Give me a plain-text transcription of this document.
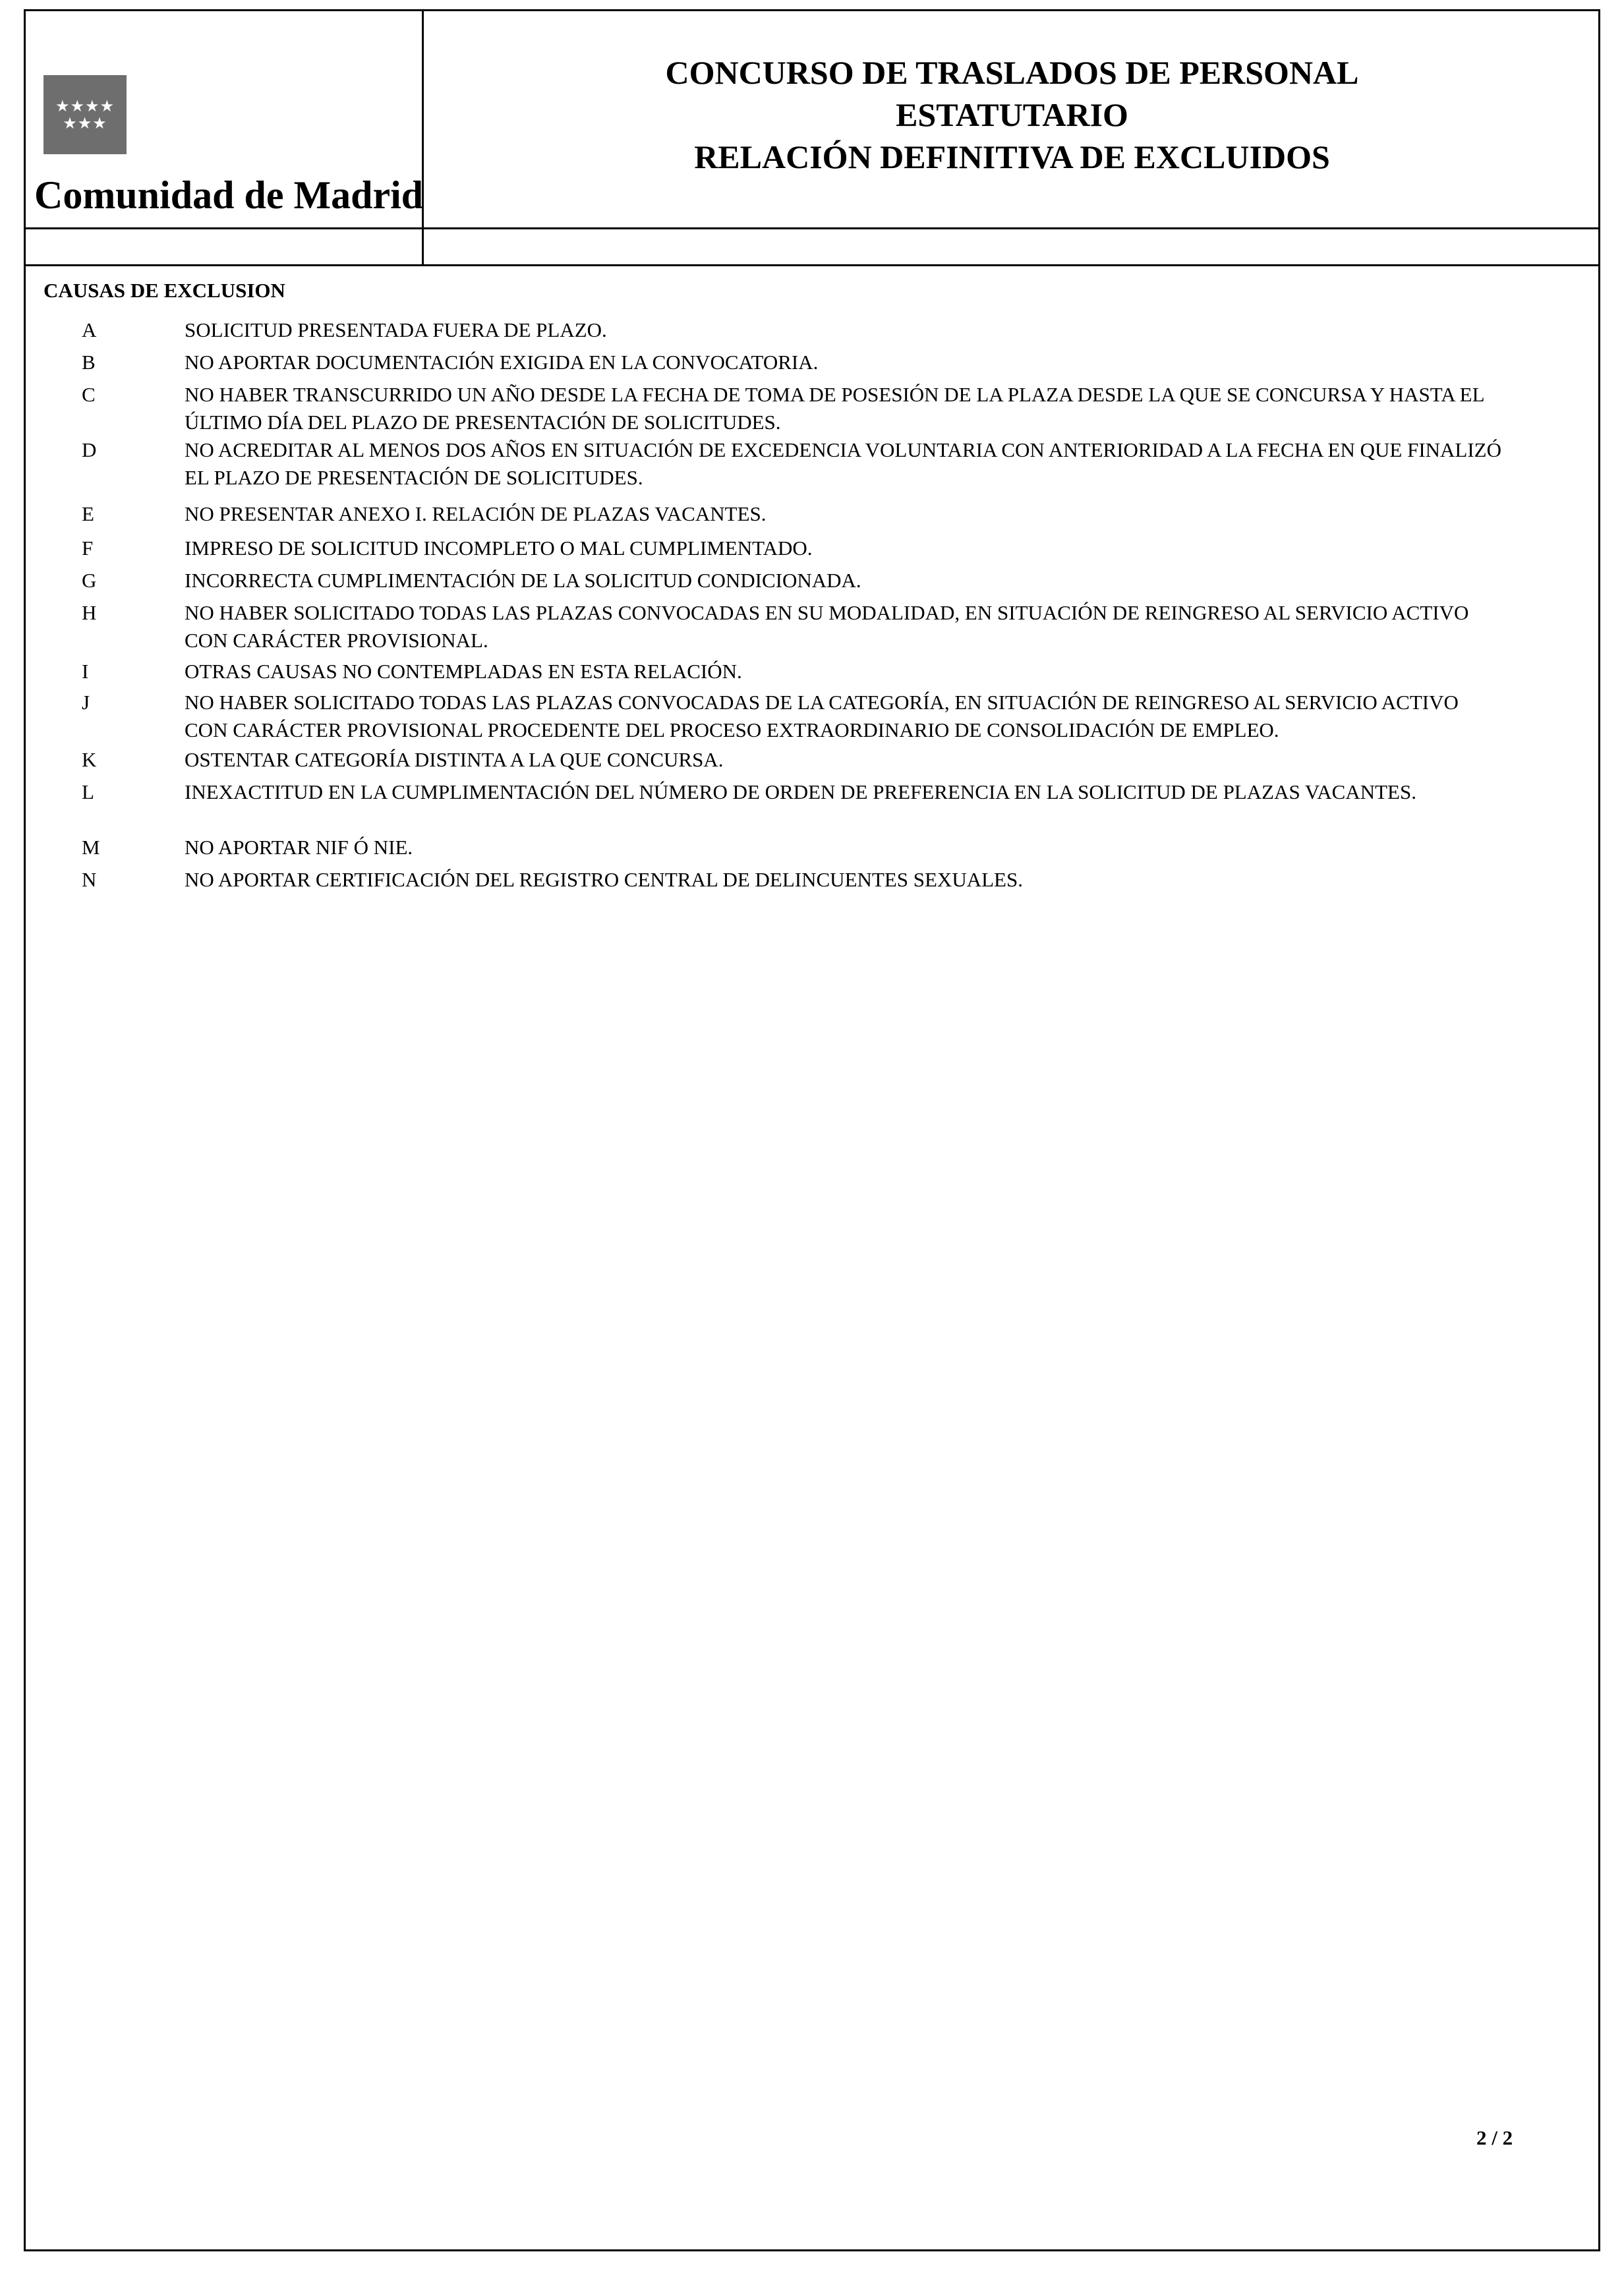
★★★★
★★★
Comunidad de Madrid
CONCURSO DE TRASLADOS DE PERSONAL
ESTATUTARIO
RELACIÓN DEFINITIVA DE EXCLUIDOS
CAUSAS DE EXCLUSION
A	SOLICITUD PRESENTADA FUERA DE PLAZO.
B	NO APORTAR DOCUMENTACIÓN EXIGIDA EN LA CONVOCATORIA.
C	NO HABER TRANSCURRIDO UN AÑO DESDE LA FECHA DE TOMA DE POSESIÓN DE LA PLAZA DESDE LA QUE SE CONCURSA Y HASTA EL ÚLTIMO DÍA DEL PLAZO DE PRESENTACIÓN DE SOLICITUDES.
D	NO ACREDITAR AL MENOS DOS AÑOS EN SITUACIÓN DE EXCEDENCIA VOLUNTARIA CON ANTERIORIDAD A LA FECHA EN QUE FINALIZÓ EL PLAZO DE PRESENTACIÓN DE SOLICITUDES.
E	NO PRESENTAR ANEXO I. RELACIÓN DE PLAZAS VACANTES.
F	IMPRESO DE SOLICITUD INCOMPLETO O MAL CUMPLIMENTADO.
G	INCORRECTA CUMPLIMENTACIÓN DE LA SOLICITUD CONDICIONADA.
H	NO HABER SOLICITADO TODAS LAS PLAZAS CONVOCADAS EN SU MODALIDAD, EN SITUACIÓN DE REINGRESO AL SERVICIO ACTIVO CON CARÁCTER PROVISIONAL.
I	OTRAS CAUSAS NO CONTEMPLADAS EN ESTA RELACIÓN.
J	NO HABER SOLICITADO TODAS LAS PLAZAS CONVOCADAS DE LA CATEGORÍA, EN SITUACIÓN DE REINGRESO AL SERVICIO ACTIVO CON CARÁCTER PROVISIONAL PROCEDENTE DEL PROCESO EXTRAORDINARIO DE CONSOLIDACIÓN DE EMPLEO.
K	OSTENTAR CATEGORÍA DISTINTA A LA QUE CONCURSA.
L	INEXACTITUD EN LA CUMPLIMENTACIÓN DEL NÚMERO DE ORDEN DE PREFERENCIA EN LA SOLICITUD DE PLAZAS VACANTES.
M	NO APORTAR NIF Ó NIE.
N	NO APORTAR CERTIFICACIÓN DEL REGISTRO CENTRAL DE DELINCUENTES SEXUALES.
2 / 2
